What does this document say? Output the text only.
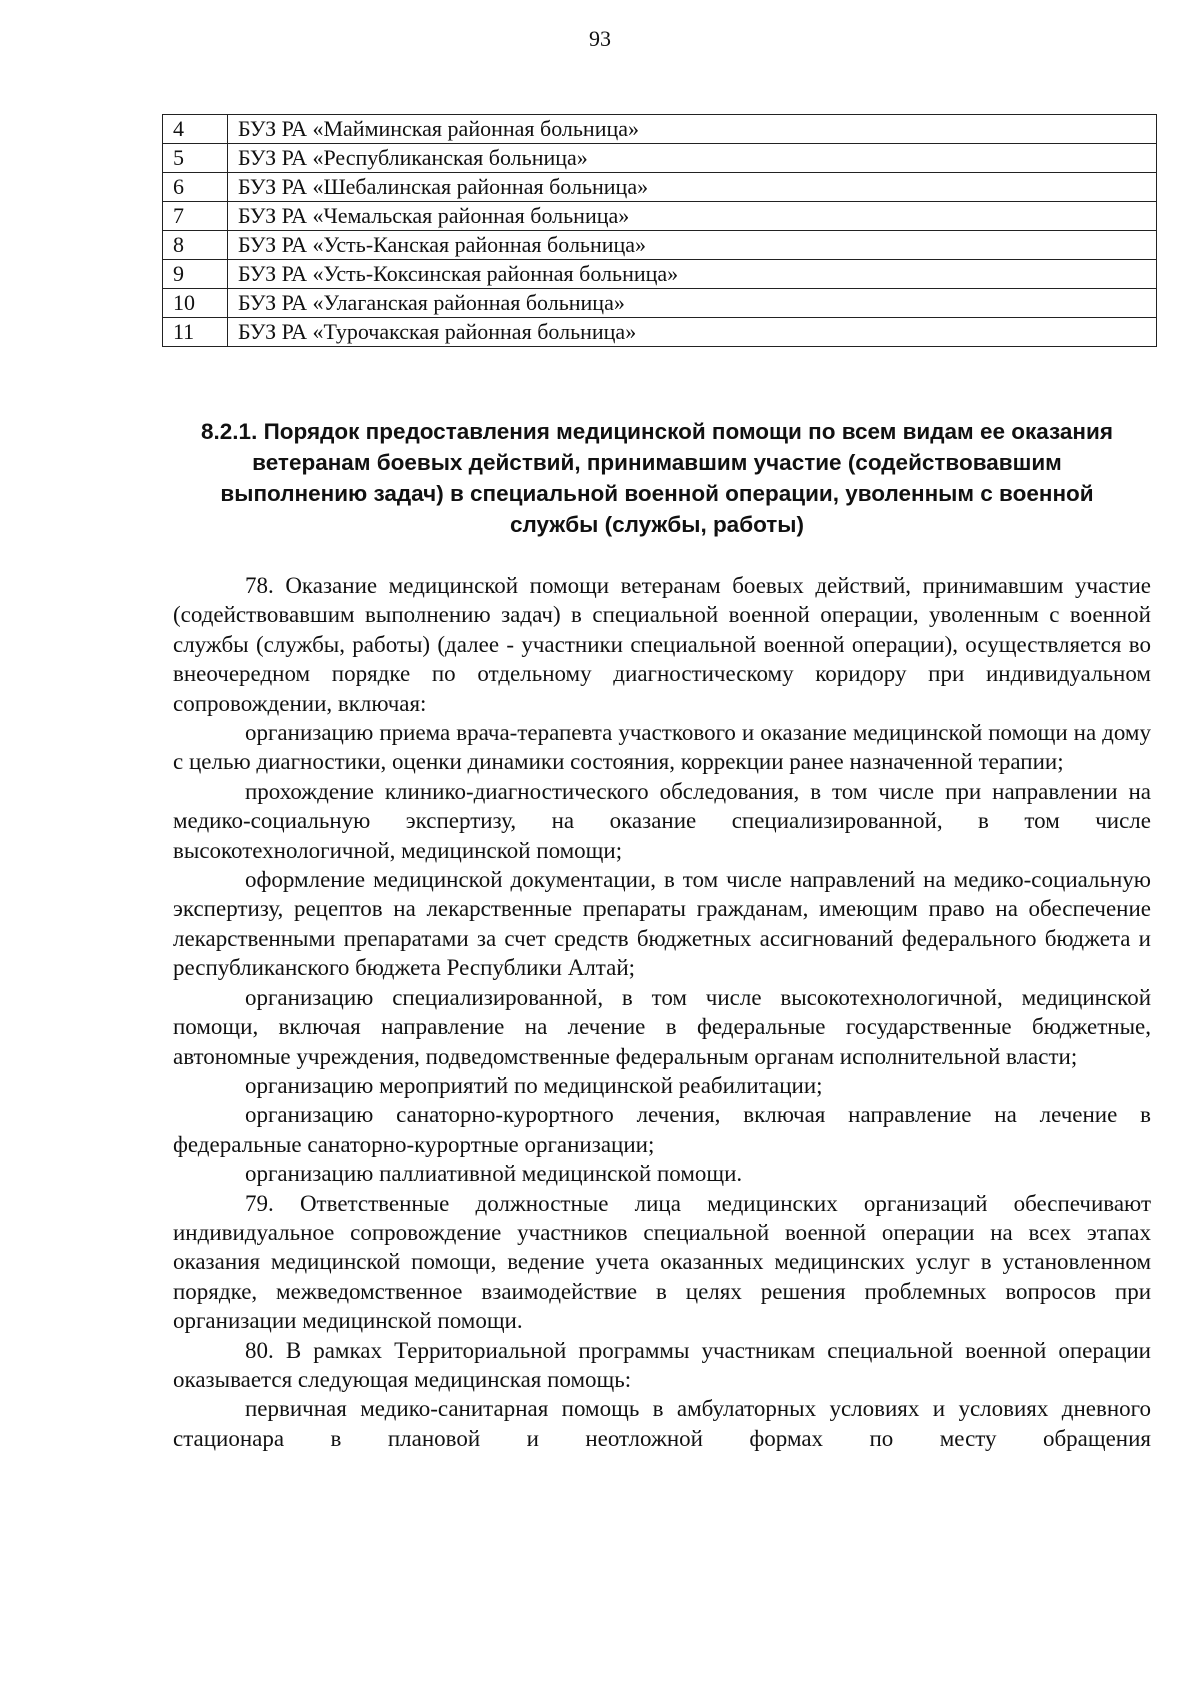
93
4	БУЗ РА «Майминская районная больница»
5	БУЗ РА «Республиканская больница»
6	БУЗ РА «Шебалинская районная больница»
7	БУЗ РА «Чемальская районная больница»
8	БУЗ РА «Усть-Канская районная больница»
9	БУЗ РА «Усть-Коксинская районная больница»
10	БУЗ РА «Улаганская районная больница»
11	БУЗ РА «Турочакская районная больница»
8.2.1. Порядок предоставления медицинской помощи по всем видам ее оказания ветеранам боевых действий, принимавшим участие (содействовавшим выполнению задач) в специальной военной операции, уволенным с военной службы (службы, работы)

78. Оказание медицинской помощи ветеранам боевых действий, принимавшим участие (содействовавшим выполнению задач) в специальной военной операции, уволенным с военной службы (службы, работы) (далее - участники специальной военной операции), осуществляется во внеочередном порядке по отдельному диагностическому коридору при индивидуальном сопровождении, включая:

организацию приема врача-терапевта участкового и оказание медицинской помощи на дому с целью диагностики, оценки динамики состояния, коррекции ранее назначенной терапии;

прохождение клинико-диагностического обследования, в том числе при направлении на медико-социальную экспертизу, на оказание специализированной, в том числе высокотехнологичной, медицинской помощи;

оформление медицинской документации, в том числе направлений на медико-социальную экспертизу, рецептов на лекарственные препараты гражданам, имеющим право на обеспечение лекарственными препаратами за счет средств бюджетных ассигнований федерального бюджета и республиканского бюджета Республики Алтай;

организацию специализированной, в том числе высокотехнологичной, медицинской помощи, включая направление на лечение в федеральные государственные бюджетные, автономные учреждения, подведомственные федеральным органам исполнительной власти;

организацию мероприятий по медицинской реабилитации;

организацию санаторно-курортного лечения, включая направление на лечение в федеральные санаторно-курортные организации;

организацию паллиативной медицинской помощи.

79. Ответственные должностные лица медицинских организаций обеспечивают индивидуальное сопровождение участников специальной военной операции на всех этапах оказания медицинской помощи, ведение учета оказанных медицинских услуг в установленном порядке, межведомственное взаимодействие в целях решения проблемных вопросов при организации медицинской помощи.

80. В рамках Территориальной программы участникам специальной военной операции оказывается следующая медицинская помощь:

первичная медико-санитарная помощь в амбулаторных условиях и условиях дневного стационара в плановой и неотложной формах по месту обращения
